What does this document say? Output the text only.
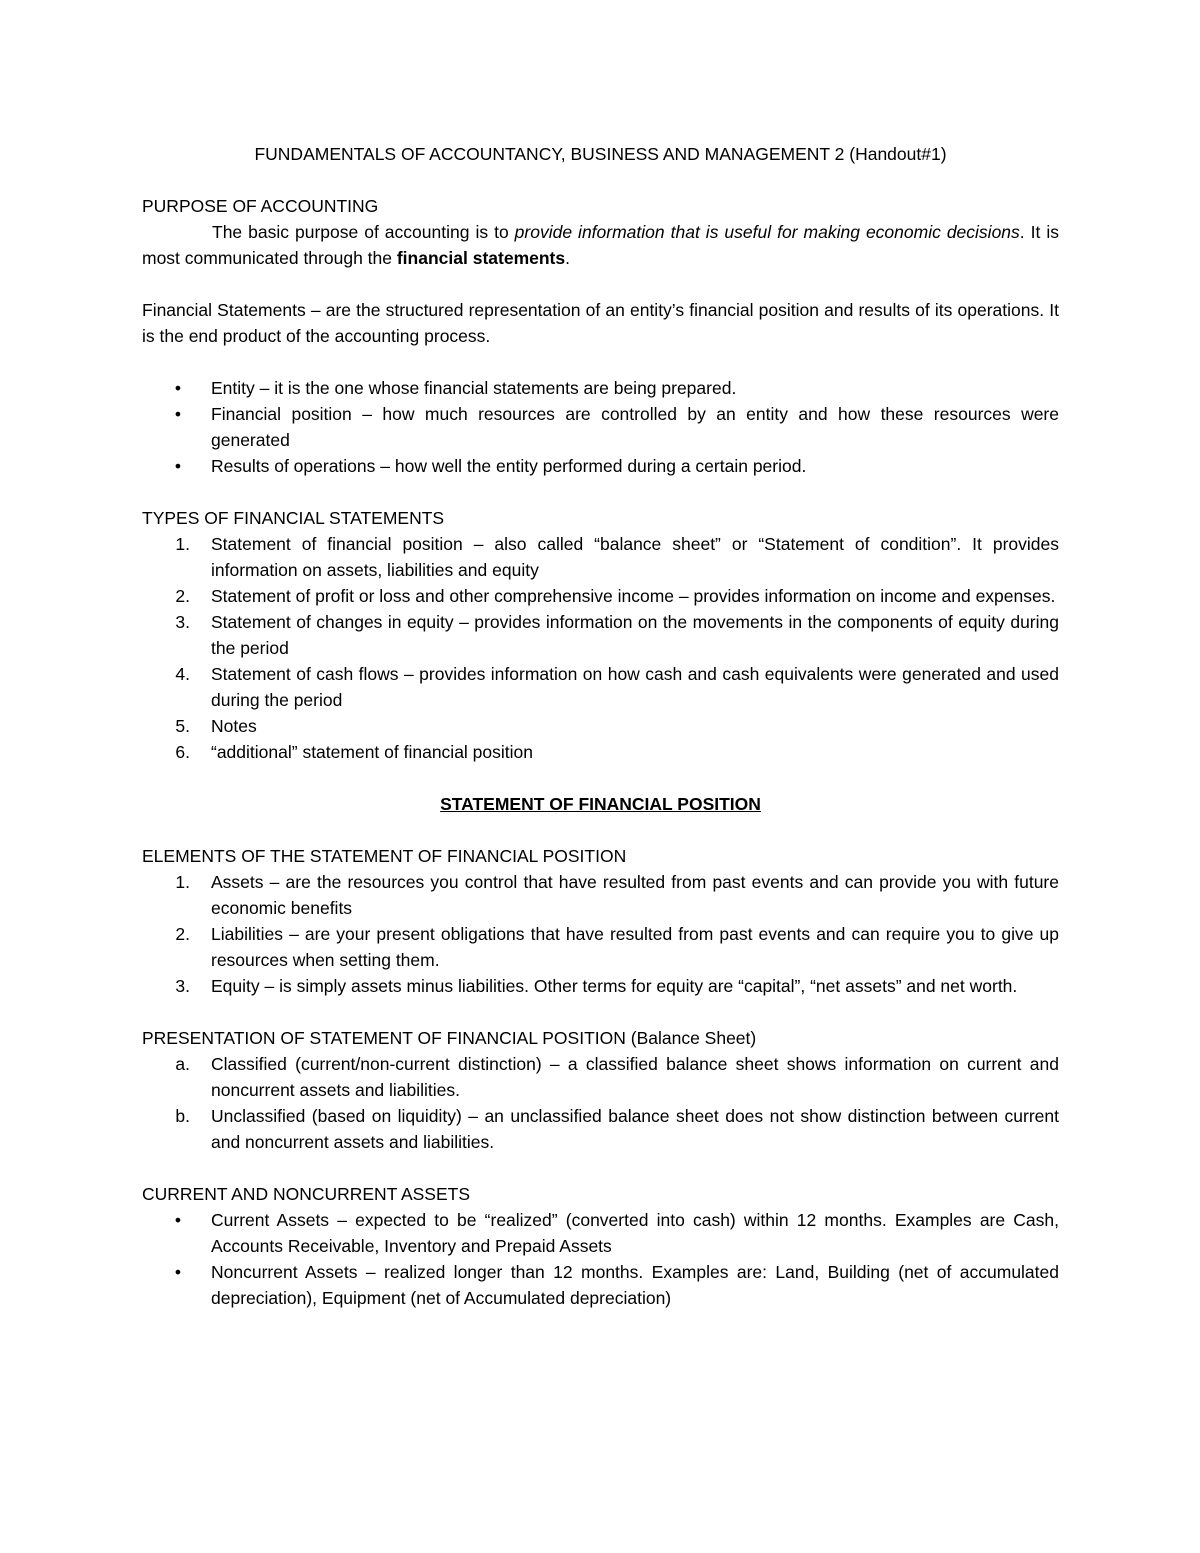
FUNDAMENTALS OF ACCOUNTANCY, BUSINESS AND MANAGEMENT 2 (Handout#1)

PURPOSE OF ACCOUNTING

The basic purpose of accounting is to provide information that is useful for making economic decisions. It is most communicated through the financial statements.

Financial Statements – are the structured representation of an entity’s financial position and results of its operations. It is the end product of the accounting process.

•	Entity – it is the one whose financial statements are being prepared.
•	Financial position – how much resources are controlled by an entity and how these resources were generated
•	Results of operations – how well the entity performed during a certain period.

TYPES OF FINANCIAL STATEMENTS

1. Statement of financial position – also called “balance sheet” or “Statement of condition”. It provides information on assets, liabilities and equity
2. Statement of profit or loss and other comprehensive income – provides information on income and expenses.
3. Statement of changes in equity – provides information on the movements in the components of equity during the period
4. Statement of cash flows – provides information on how cash and cash equivalents were generated and used during the period
5. Notes
6. “additional” statement of financial position

STATEMENT OF FINANCIAL POSITION

ELEMENTS OF THE STATEMENT OF FINANCIAL POSITION

1. Assets – are the resources you control that have resulted from past events and can provide you with future economic benefits
2. Liabilities – are your present obligations that have resulted from past events and can require you to give up resources when setting them.
3. Equity – is simply assets minus liabilities. Other terms for equity are “capital”, “net assets” and net worth.

PRESENTATION OF STATEMENT OF FINANCIAL POSITION (Balance Sheet)

a. Classified (current/non-current distinction) – a classified balance sheet shows information on current and noncurrent assets and liabilities.
b. Unclassified (based on liquidity) – an unclassified balance sheet does not show distinction between current and noncurrent assets and liabilities.

CURRENT AND NONCURRENT ASSETS

•	Current Assets – expected to be “realized” (converted into cash) within 12 months. Examples are Cash, Accounts Receivable, Inventory and Prepaid Assets
•	Noncurrent Assets – realized longer than 12 months. Examples are: Land, Building (net of accumulated depreciation), Equipment (net of Accumulated depreciation)
